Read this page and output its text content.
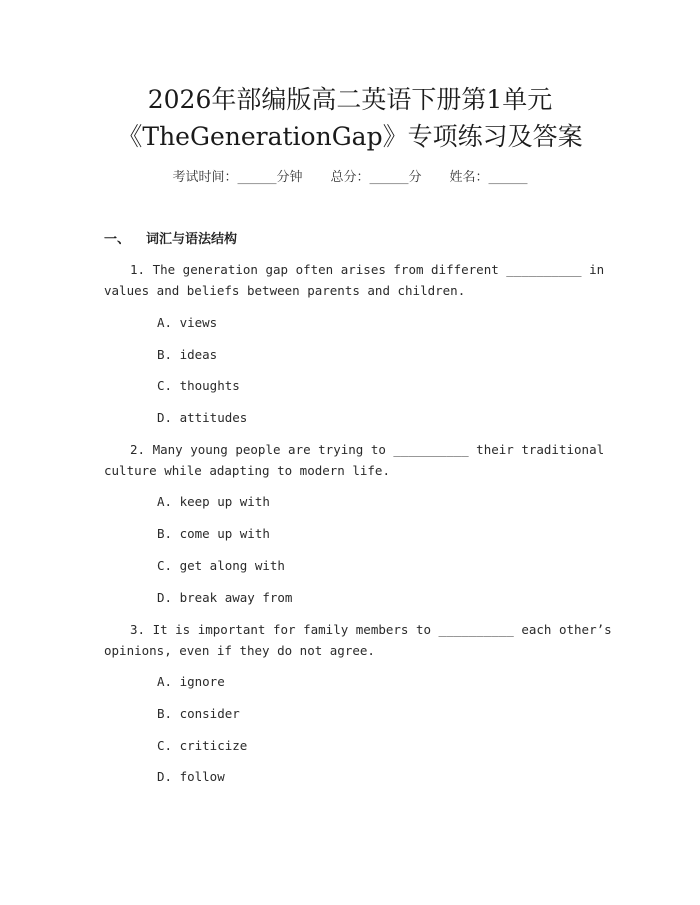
2026年部编版高二英语下册第1单元
《TheGenerationGap》专项练习及答案
考试时间：______分钟 总分：______分 姓名：______
一、 词汇与语法结构
1. The generation gap often arises from different __________ in
values and beliefs between parents and children.
A. views
B. ideas
C. thoughts
D. attitudes
2. Many young people are trying to __________ their traditional
culture while adapting to modern life.
A. keep up with
B. come up with
C. get along with
D. break away from
3. It is important for family members to __________ each other’s
opinions, even if they do not agree.
A. ignore
B. consider
C. criticize
D. follow
